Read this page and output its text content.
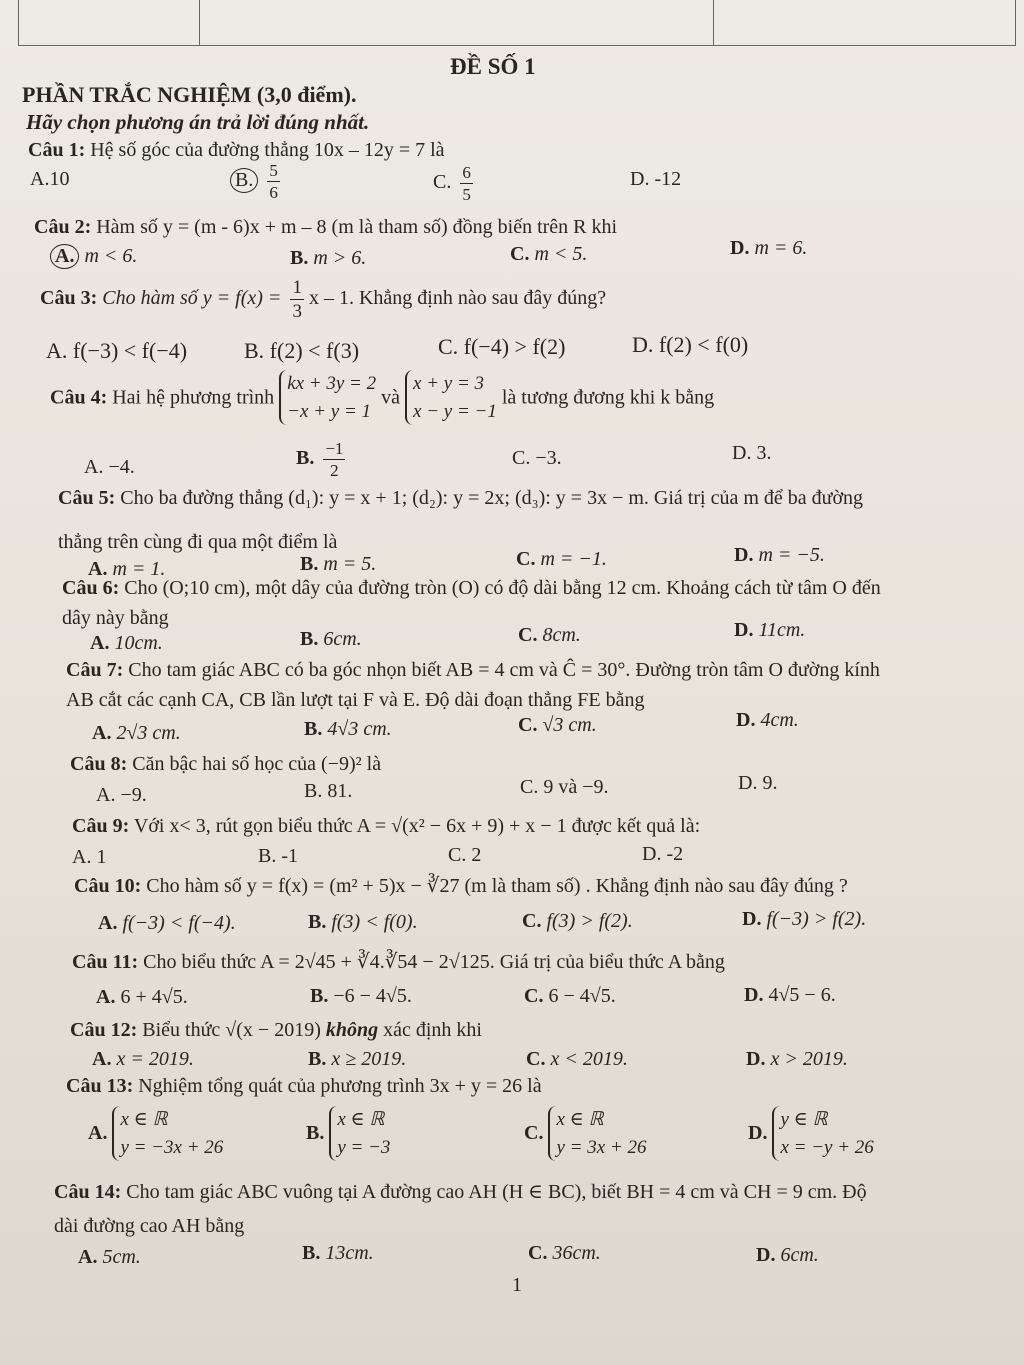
ĐỀ SỐ 1
PHẦN TRẮC NGHIỆM (3,0 điểm).
Hãy chọn phương án trả lời đúng nhất.
Câu 1: Hệ số góc của đường thẳng 10x – 12y = 7 là
A.10	B. $\frac{5}{6}$	C. $\frac{6}{5}$	D. -12
Câu 2: Hàm số y = (m - 6)x + m – 8 (m là tham số) đồng biến trên R khi
A. m < 6.	B. m > 6.	C. m < 5.	D. m = 6.
Câu 3: Cho hàm số $y = f(x) = \frac{1}{3}$ x – 1. Khẳng định nào sau đây đúng?
A. f(−3) < f(−4)	B. f(2) < f(3)	C. f(−4) > f(2)	D. f(2) < f(0)
Câu 4: Hai hệ phương trình
kx + 3y = 2
−x + y = 1
và
x + y = 3
x − y = −1
là tương đương khi k bằng
A. −4.	B. $\frac{-1}{2}$	C. −3.	D. 3.
Câu 5: Cho ba đường thẳng (d₁): y = x + 1; (d₂): y = 2x; (d₃): y = 3x − m. Giá trị của m để ba đường
thẳng trên cùng đi qua một điểm là
A. m = 1.	B. m = 5.	C. m = −1.	D. m = −5.
Câu 6: Cho (O;10 cm), một dây của đường tròn (O) có độ dài bằng 12 cm. Khoảng cách từ tâm O đến
dây này bằng
A. 10cm.	B. 6cm.	C. 8cm.	D. 11cm.
Câu 7: Cho tam giác ABC có ba góc nhọn biết AB = 4 cm và Ĉ = 30°. Đường tròn tâm O đường kính
AB cắt các cạnh CA, CB lần lượt tại F và E. Độ dài đoạn thẳng FE bằng
A. 2√3 cm.	B. 4√3 cm.	C. √3 cm.	D. 4cm.
Câu 8: Căn bậc hai số học của (−9)² là
A. −9.	B. 81.	C. 9 và −9.	D. 9.
Câu 9: Với x< 3, rút gọn biểu thức A = √(x² − 6x + 9) + x − 1 được kết quả là:
A. 1	B. -1	C. 2	D. -2
Câu 10: Cho hàm số y = f(x) = (m² + 5)x − ∛27 (m là tham số) . Khẳng định nào sau đây đúng ?
A. f(−3) < f(−4).	B. f(3) < f(0).	C. f(3) > f(2).	D. f(−3) > f(2).
Câu 11: Cho biểu thức A = 2√45 + ∛4.∛54 − 2√125. Giá trị của biểu thức A bằng
A. 6 + 4√5.	B. −6 − 4√5.	C. 6 − 4√5.	D. 4√5 − 6.
Câu 12: Biểu thức √(x − 2019) không xác định khi
A. x = 2019.	B. x ≥ 2019.	C. x < 2019.	D. x > 2019.
Câu 13: Nghiệm tổng quát của phương trình 3x + y = 26 là
A.
x ∈ ℝ
y = −3x + 26
B.
x ∈ ℝ
y = −3
C.
x ∈ ℝ
y = 3x + 26
D.
y ∈ ℝ
x = −y + 26
Câu 14: Cho tam giác ABC vuông tại A đường cao AH (H ∈ BC), biết BH = 4 cm và CH = 9 cm. Độ
dài đường cao AH bằng
A. 5cm.	B. 13cm.	C. 36cm.	D. 6cm.
1
